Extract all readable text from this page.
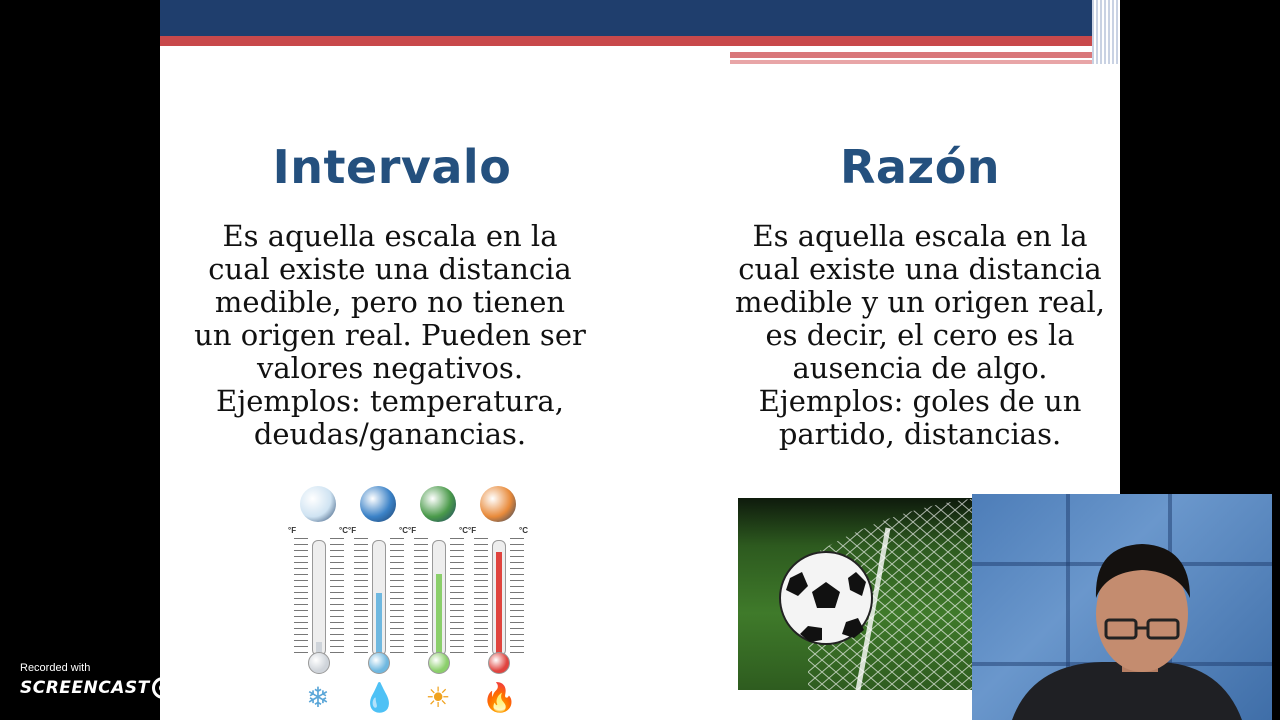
Intervalo
Es aquella escala en la
cual existe una distancia
medible, pero no tienen
un origen real. Pueden ser
valores negativos.
Ejemplos: temperatura,
deudas/ganancias.
Razón
Es aquella escala en la
cual existe una distancia
medible y un origen real,
es decir, el cero es la
ausencia de algo.
Ejemplos: goles de un
partido, distancias.
°F	°C
❄
°F	°C
💧
°F	°C
☀
°F	°C
🔥
Recorded with
SCREENCAST MATIC
